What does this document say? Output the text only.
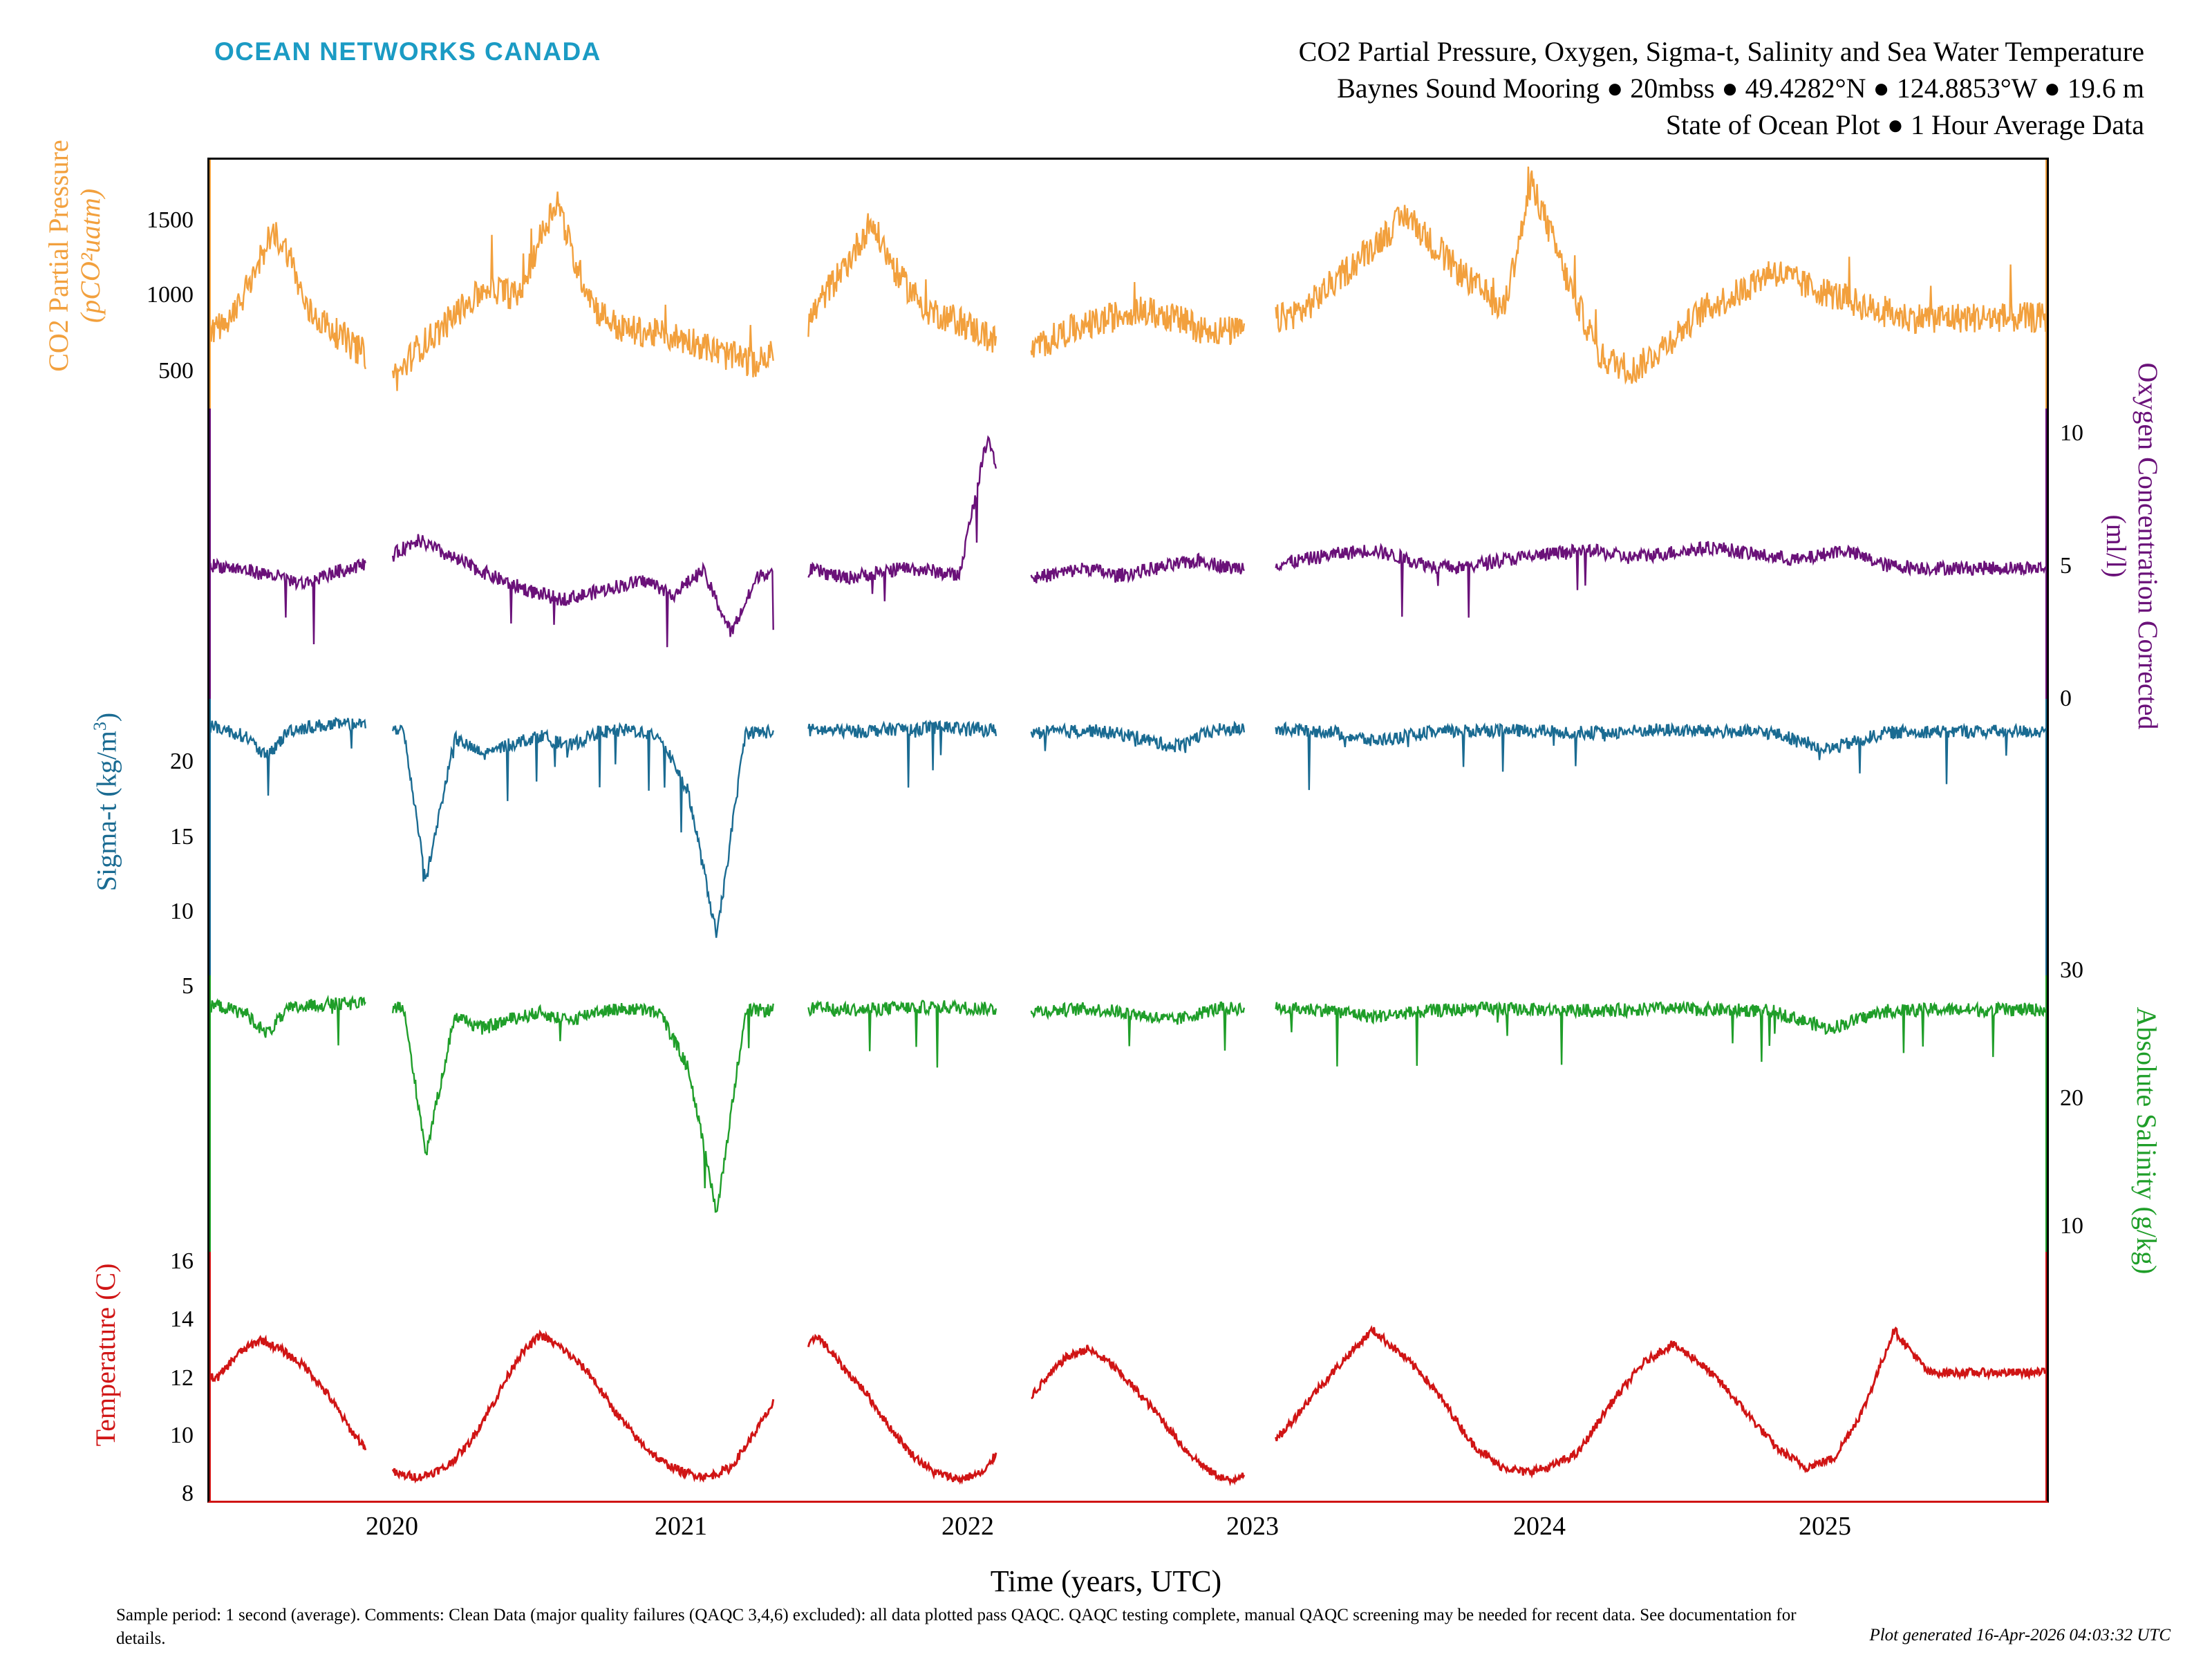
OCEAN NETWORKS CANADA	CO2 Partial Pressure, Oxygen, Sigma-t, Salinity and Sea Water Temperature
Baynes Sound Mooring ● 20mbss ● 49.4282°N ● 124.8853°W ● 19.6 m
State of Ocean Plot ● 1 Hour Average Data
CO2 Partial Pressure
(pCO²uatm)
Sigma-t $(kg/m^3)$
Temperature (C)
Oxygen Concentration Corrected
(ml/l)
Absolute Salinity (g/kg)
1500
1000
500
20
15
10
5
16
14
12
10
8
10
5
0
30
20
10
2020	2021	2022	2023	2024	2025
Time (years, UTC)
Sample period: 1 second (average). Comments: Clean Data (major quality failures (QAQC 3,4,6) excluded): all data plotted pass QAQC. QAQC testing complete, manual QAQC screening may be needed for recent data. See documentation for details.	Plot generated 16-Apr-2026 04:03:32 UTC
